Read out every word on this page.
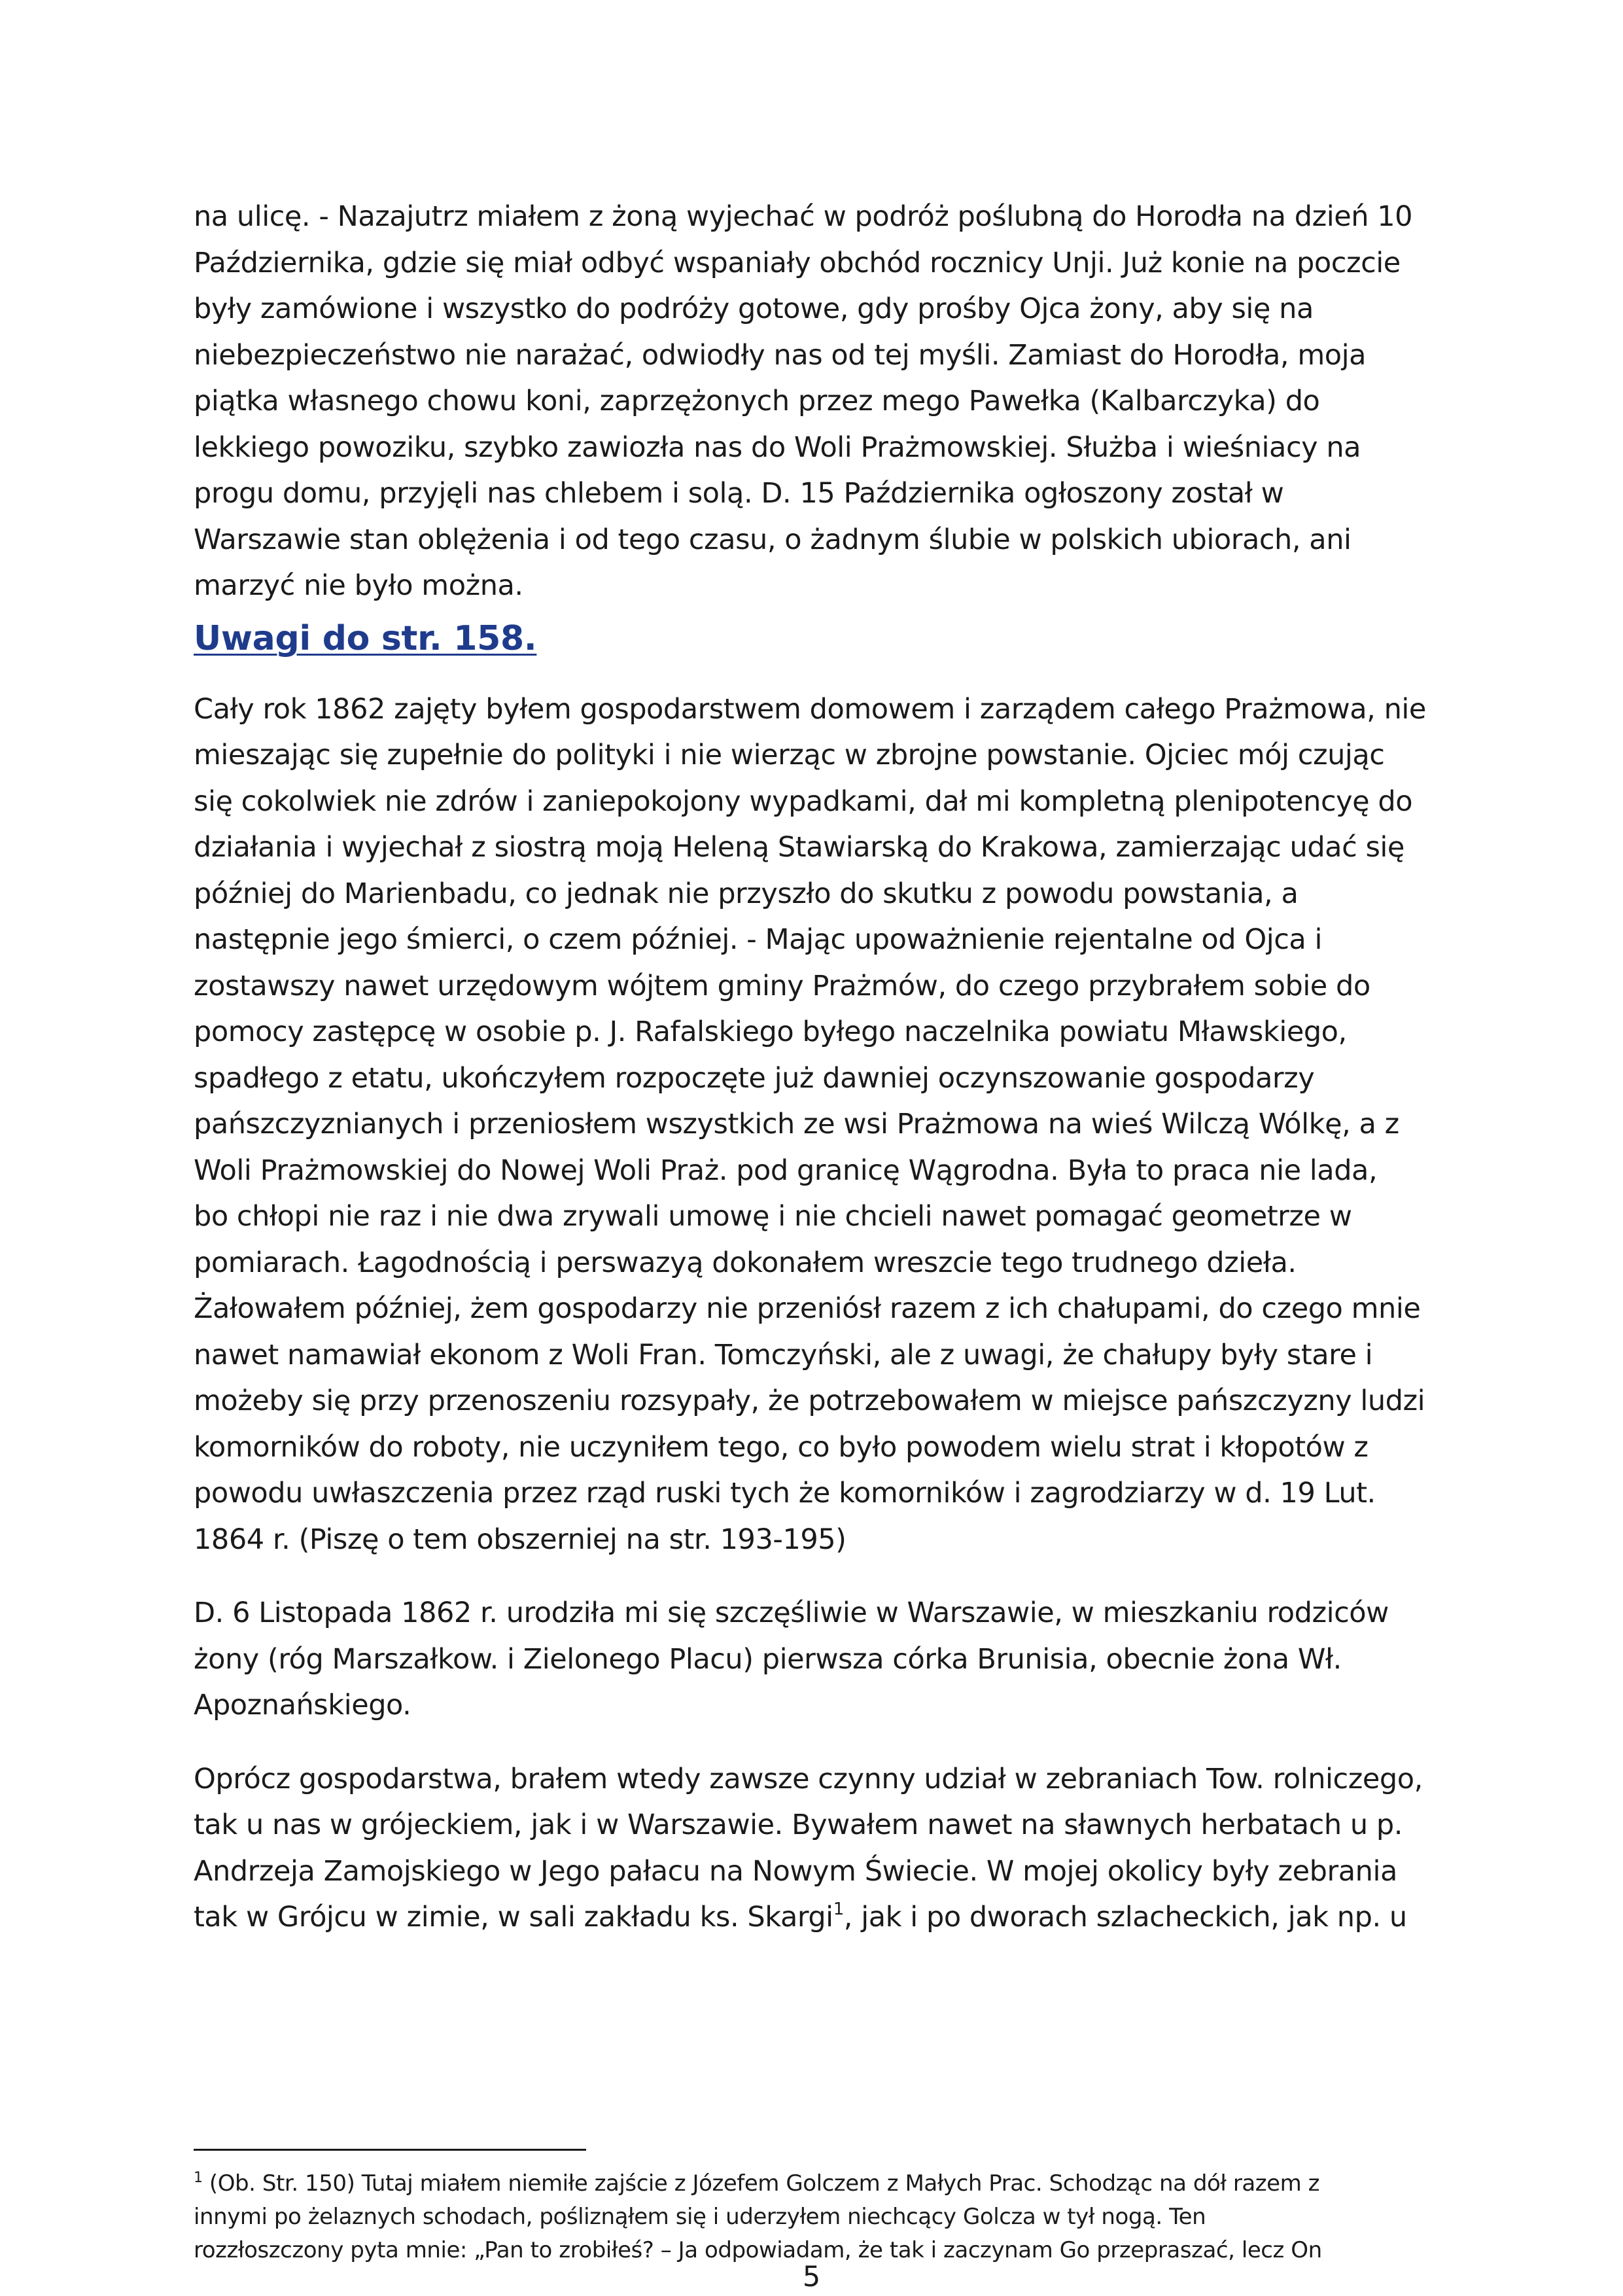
na ulicę. - Nazajutrz miałem z żoną wyjechać w podróż poślubną do Horodła na dzień 10
Października, gdzie się miał odbyć wspaniały obchód rocznicy Unji. Już konie na poczcie
były zamówione i wszystko do podróży gotowe, gdy prośby Ojca żony, aby się na
niebezpieczeństwo nie narażać, odwiodły nas od tej myśli. Zamiast do Horodła, moja
piątka własnego chowu koni, zaprzężonych przez mego Pawełka (Kalbarczyka) do
lekkiego powoziku, szybko zawiozła nas do Woli Prażmowskiej. Służba i wieśniacy na
progu domu, przyjęli nas chlebem i solą. D. 15 Października ogłoszony został w
Warszawie stan oblężenia i od tego czasu, o żadnym ślubie w polskich ubiorach, ani
marzyć nie było można.

Uwagi do str. 158.

Cały rok 1862 zajęty byłem gospodarstwem domowem i zarządem całego Prażmowa, nie
mieszając się zupełnie do polityki i nie wierząc w zbrojne powstanie. Ojciec mój czując
się cokolwiek nie zdrów i zaniepokojony wypadkami, dał mi kompletną plenipotencyę do
działania i wyjechał z siostrą moją Heleną Stawiarską do Krakowa, zamierzając udać się
później do Marienbadu, co jednak nie przyszło do skutku z powodu powstania, a
następnie jego śmierci, o czem później. - Mając upoważnienie rejentalne od Ojca i
zostawszy nawet urzędowym wójtem gminy Prażmów, do czego przybrałem sobie do
pomocy zastępcę w osobie p. J. Rafalskiego byłego naczelnika powiatu Mławskiego,
spadłego z etatu, ukończyłem rozpoczęte już dawniej oczynszowanie gospodarzy
pańszczyznianych i przeniosłem wszystkich ze wsi Prażmowa na wieś Wilczą Wólkę, a z
Woli Prażmowskiej do Nowej Woli Praż. pod granicę Wągrodna. Była to praca nie lada,
bo chłopi nie raz i nie dwa zrywali umowę i nie chcieli nawet pomagać geometrze w
pomiarach. Łagodnością i perswazyą dokonałem wreszcie tego trudnego dzieła.
Żałowałem później, żem gospodarzy nie przeniósł razem z ich chałupami, do czego mnie
nawet namawiał ekonom z Woli Fran. Tomczyński, ale z uwagi, że chałupy były stare i
możeby się przy przenoszeniu rozsypały, że potrzebowałem w miejsce pańszczyzny ludzi
komorników do roboty, nie uczyniłem tego, co było powodem wielu strat i kłopotów z
powodu uwłaszczenia przez rząd ruski tych że komorników i zagrodziarzy w d. 19 Lut.
1864 r. (Piszę o tem obszerniej na str. 193-195)

D. 6 Listopada 1862 r. urodziła mi się szczęśliwie w Warszawie, w mieszkaniu rodziców
żony (róg Marszałkow. i Zielonego Placu) pierwsza córka Brunisia, obecnie żona Wł.
Apoznańskiego.

Oprócz gospodarstwa, brałem wtedy zawsze czynny udział w zebraniach Tow. rolniczego,
tak u nas w grójeckiem, jak i w Warszawie. Bywałem nawet na sławnych herbatach u p.
Andrzeja Zamojskiego w Jego pałacu na Nowym Świecie. W mojej okolicy były zebrania
tak w Grójcu w zimie, w sali zakładu ks. Skargi$^1$, jak i po dworach szlacheckich, jak np. u

$^1$ (Ob. Str. 150) Tutaj miałem niemiłe zajście z Józefem Golczem z Małych Prac. Schodząc na dół razem z
innymi po żelaznych schodach, pośliznąłem się i uderzyłem niechcący Golcza w tył nogą. Ten
rozzłoszczony pyta mnie: „Pan to zrobiłeś? – Ja odpowiadam, że tak i zaczynam Go przepraszać, lecz On
5
